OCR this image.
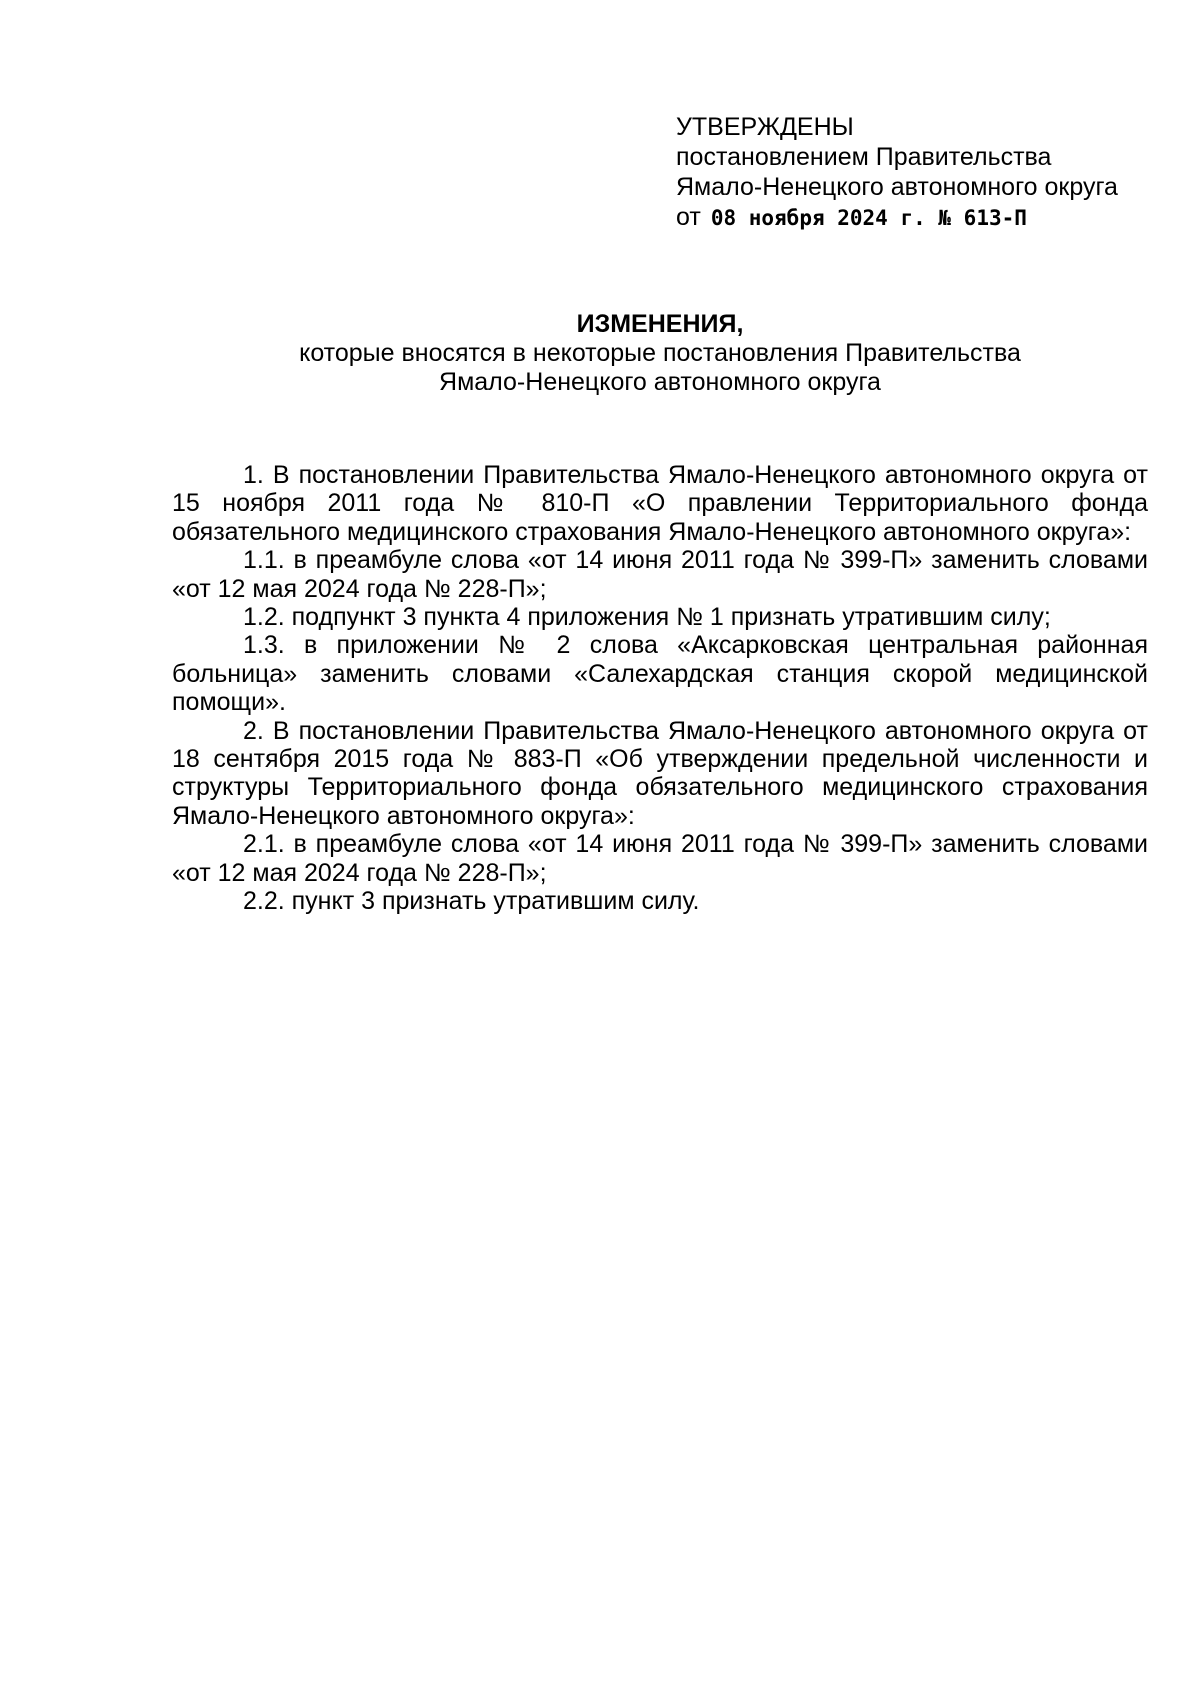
УТВЕРЖДЕНЫ

постановлением Правительства

Ямало-Ненецкого автономного округа

от 08 ноября 2024 г. № 613-П

ИЗМЕНЕНИЯ,

которые вносятся в некоторые постановления Правительства

Ямало-Ненецкого автономного округа

1. В постановлении Правительства Ямало-Ненецкого автономного округа от 15 ноября 2011 года № 810-П «О правлении Территориального фонда обязательного медицинского страхования Ямало-Ненецкого автономного округа»:

1.1. в преамбуле слова «от 14 июня 2011 года № 399-П» заменить словами «от 12 мая 2024 года № 228-П»;

1.2. подпункт 3 пункта 4 приложения № 1 признать утратившим силу;

1.3. в приложении № 2 слова «Аксарковская центральная районная больница» заменить словами «Салехардская станция скорой медицинской помощи».

2. В постановлении Правительства Ямало-Ненецкого автономного округа от 18 сентября 2015 года № 883-П «Об утверждении предельной численности и структуры Территориального фонда обязательного медицинского страхования Ямало-Ненецкого автономного округа»:

2.1. в преамбуле слова «от 14 июня 2011 года № 399-П» заменить словами «от 12 мая 2024 года № 228-П»;

2.2. пункт 3 признать утратившим силу.
